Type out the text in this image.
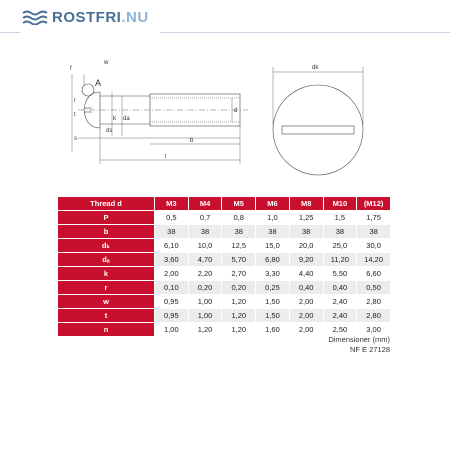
ROSTFRI.NU
f
w
A
r
t
s
k da
ds
b
l
d
dk
Thread d	M3	M4	M5	M6	M8	M10	(M12)
P	0,5	0,7	0,8	1,0	1,25	1,5	1,75
b	38	38	38	38	38	38	38
dₖ	6,10	10,0	12,5	15,0	20,0	25,0	30,0
dₐ	3,60	4,70	5,70	6,80	9,20	11,20	14,20
k	2,00	2,20	2,70	3,30	4,40	5,50	6,60
r	0,10	0,20	0,20	0,25	0,40	0,40	0,50
w	0,95	1,00	1,20	1,50	2,00	2,40	2,80
t	0,95	1,00	1,20	1,50	2,00	2,40	2,80
n	1,00	1,20	1,20	1,60	2,00	2,50	3,00
Dimensioner (mm)
NF E 27128
